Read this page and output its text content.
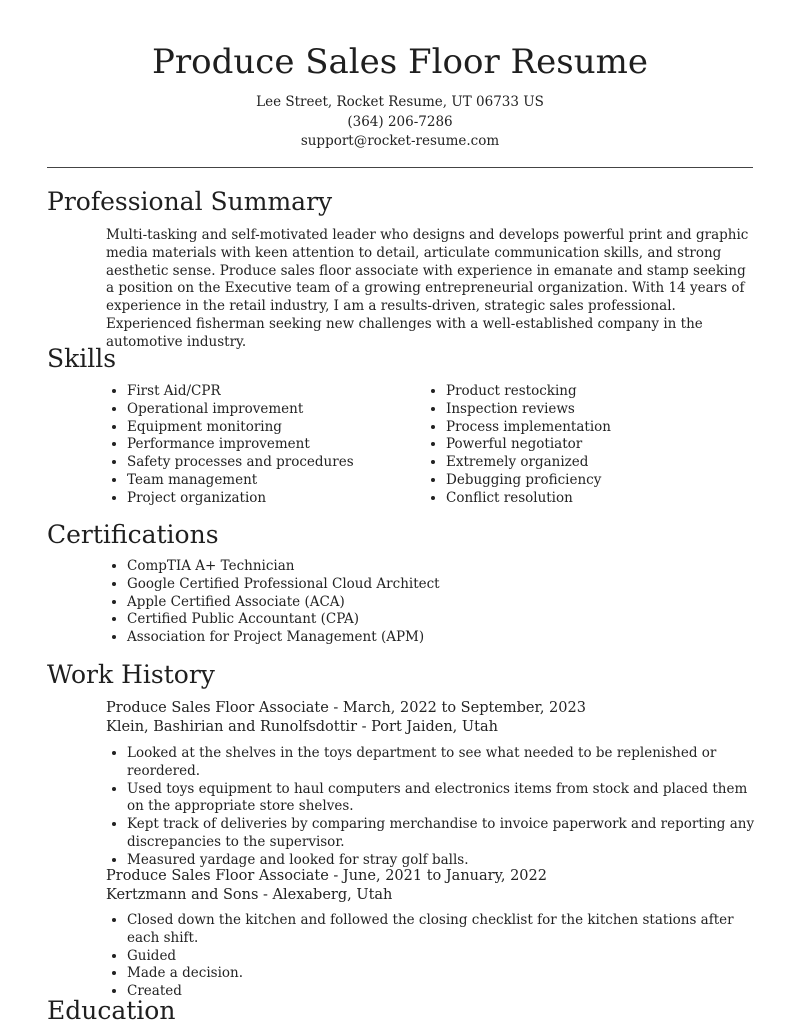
Produce Sales Floor Resume
Lee Street, Rocket Resume, UT 06733 US
(364) 206-7286
support@rocket-resume.com
Professional Summary
Multi-tasking and self-motivated leader who designs and develops powerful print and graphic media materials with keen attention to detail, articulate communication skills, and strong aesthetic sense. Produce sales floor associate with experience in emanate and stamp seeking a position on the Executive team of a growing entrepreneurial organization. With 14 years of experience in the retail industry, I am a results-driven, strategic sales professional. Experienced fisherman seeking new challenges with a well-established company in the automotive industry.
Skills
• First Aid/CPR
• Operational improvement
• Equipment monitoring
• Performance improvement
• Safety processes and procedures
• Team management
• Project organization
• Product restocking
• Inspection reviews
• Process implementation
• Powerful negotiator
• Extremely organized
• Debugging proficiency
• Conflict resolution
Certifications
• CompTIA A+ Technician
• Google Certified Professional Cloud Architect
• Apple Certified Associate (ACA)
• Certified Public Accountant (CPA)
• Association for Project Management (APM)
Work History
Produce Sales Floor Associate - March, 2022 to September, 2023
Klein, Bashirian and Runolfsdottir - Port Jaiden, Utah
• Looked at the shelves in the toys department to see what needed to be replenished or reordered.
• Used toys equipment to haul computers and electronics items from stock and placed them on the appropriate store shelves.
• Kept track of deliveries by comparing merchandise to invoice paperwork and reporting any discrepancies to the supervisor.
• Measured yardage and looked for stray golf balls.
Produce Sales Floor Associate - June, 2021 to January, 2022
Kertzmann and Sons - Alexaberg, Utah
• Closed down the kitchen and followed the closing checklist for the kitchen stations after each shift.
• Guided
• Made a decision.
• Created
Education
